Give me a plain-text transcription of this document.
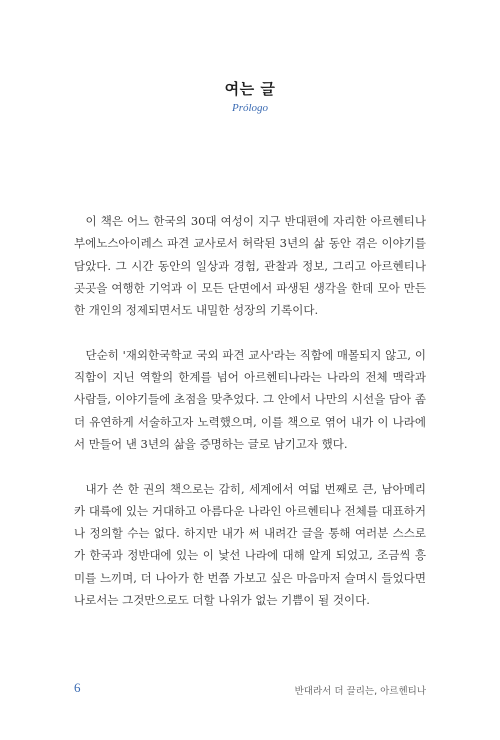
여는 글
Prólogo

이 책은 어느 한국의 30대 여성이 지구 반대편에 자리한 아르헨티나 부에노스아이레스 파견 교사로서 허락된 3년의 삶 동안 겪은 이야기를 담았다. 그 시간 동안의 일상과 경험, 관찰과 정보, 그리고 아르헨티나 곳곳을 여행한 기억과 이 모든 단면에서 파생된 생각을 한데 모아 만든 한 개인의 정제되면서도 내밀한 성장의 기록이다.

단순히 '재외한국학교 국외 파견 교사'라는 직함에 매몰되지 않고, 이 직함이 지닌 역할의 한계를 넘어 아르헨티나라는 나라의 전체 맥락과 사람들, 이야기들에 초점을 맞추었다. 그 안에서 나만의 시선을 담아 좀 더 유연하게 서술하고자 노력했으며, 이를 책으로 엮어 내가 이 나라에서 만들어 낸 3년의 삶을 증명하는 글로 남기고자 했다.

내가 쓴 한 권의 책으로는 감히, 세계에서 여덟 번째로 큰, 남아메리카 대륙에 있는 거대하고 아름다운 나라인 아르헨티나 전체를 대표하거나 정의할 수는 없다. 하지만 내가 써 내려간 글을 통해 여러분 스스로가 한국과 정반대에 있는 이 낯선 나라에 대해 알게 되었고, 조금씩 흥미를 느끼며, 더 나아가 한 번쯤 가보고 싶은 마음마저 슬며시 들었다면 나로서는 그것만으로도 더할 나위가 없는 기쁨이 될 것이다.

6	반대라서 더 끌리는, 아르헨티나
